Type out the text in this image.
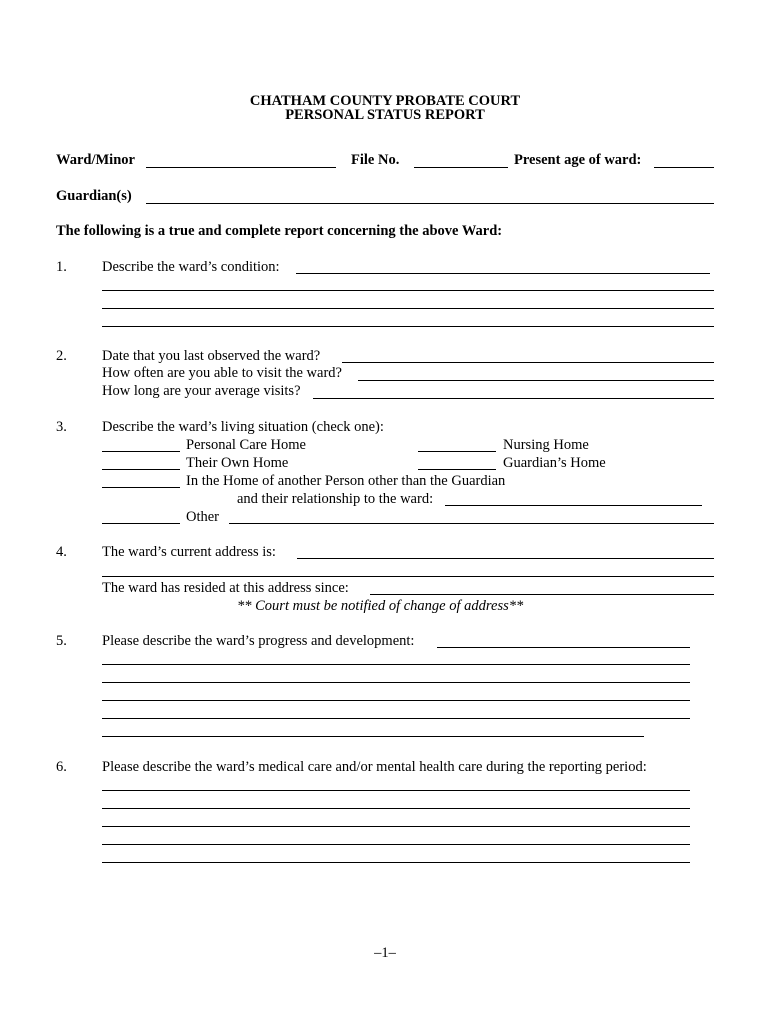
CHATHAM COUNTY PROBATE COURT
PERSONAL STATUS REPORT
Ward/Minor	File No.	Present age of ward:
Guardian(s)
The following is a true and complete report concerning the above Ward:
1. Describe the ward’s condition:
2. Date that you last observed the ward?
How often are you able to visit the ward?
How long are your average visits?
3. Describe the ward’s living situation (check one):
Personal Care Home	Nursing Home
Their Own Home	Guardian’s Home
In the Home of another Person other than the Guardian
and their relationship to the ward:
Other
4. The ward’s current address is:
The ward has resided at this address since:
** Court must be notified of change of address**
5. Please describe the ward’s progress and development:
6. Please describe the ward’s medical care and/or mental health care during the reporting period:
–1–
